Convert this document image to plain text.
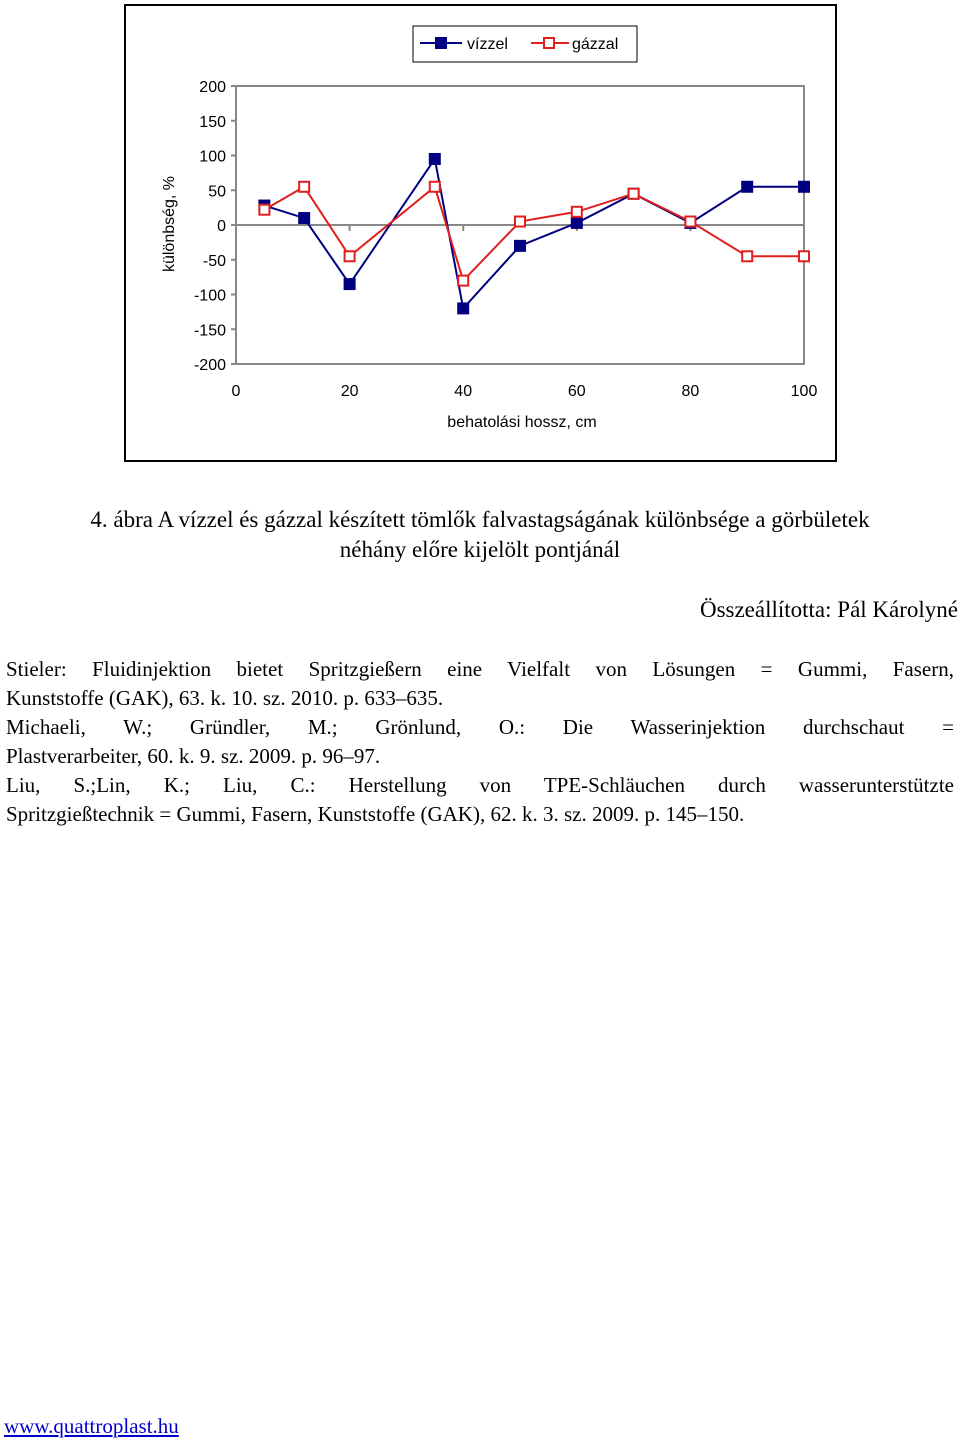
200
150
100
50
0
-50
-100
-150
-200
0	20	40	60	80	100
különbség, %
behatolási hossz, cm
vízzel	gázzal
4. ábra A vízzel és gázzal készített tömlők falvastagságának különbsége a görbületek
néhány előre kijelölt pontjánál
Összeállította: Pál Károlyné
Stieler: Fluidinjektion bietet Spritzgießern eine Vielfalt von Lösungen = Gummi, Fasern,
Kunststoffe (GAK), 63. k. 10. sz. 2010. p. 633–635.
Michaeli, W.; Gründler, M.; Grönlund, O.: Die Wasserinjektion durchschaut =
Plastverarbeiter, 60. k. 9. sz. 2009. p. 96–97.
Liu, S.;Lin, K.; Liu, C.: Herstellung von TPE-Schläuchen durch wasserunterstützte
Spritzgießtechnik = Gummi, Fasern, Kunststoffe (GAK), 62. k. 3. sz. 2009. p. 145–150.
www.quattroplast.hu
